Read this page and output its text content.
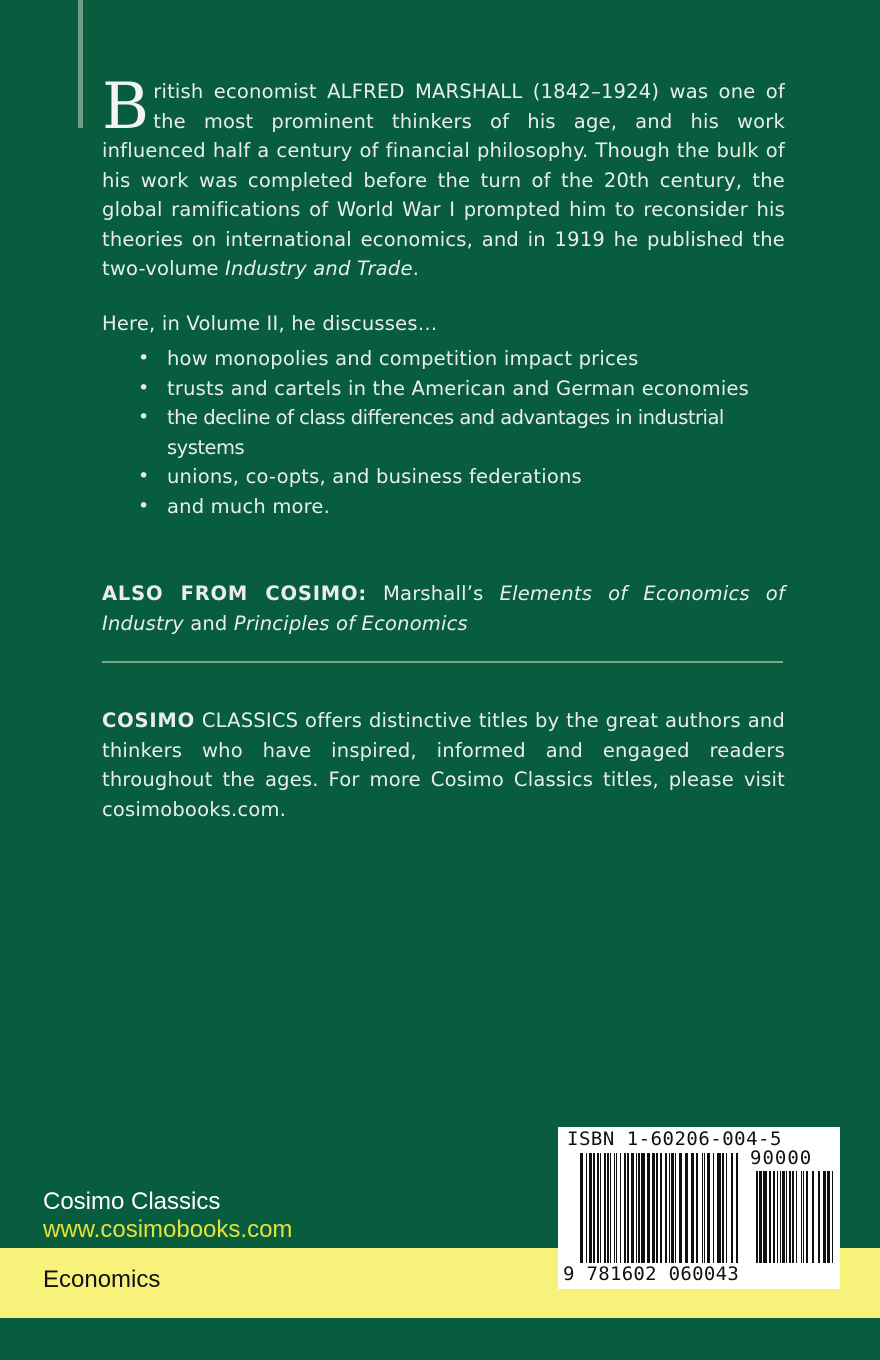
British economist ALFRED MARSHALL (1842–1924) was one of the most prominent thinkers of his age, and his work influenced half a century of financial philosophy. Though the bulk of his work was completed before the turn of the 20th century, the global ramifications of World War I prompted him to reconsider his theories on international economics, and in 1919 he published the two-volume Industry and Trade.

Here, in Volume II, he discusses…
• how monopolies and competition impact prices
• trusts and cartels in the American and German economies
• the decline of class differences and advantages in industrial systems
• unions, co-opts, and business federations
• and much more.

ALSO FROM COSIMO: Marshall’s Elements of Economics of Industry and Principles of Economics

COSIMO CLASSICS offers distinctive titles by the great authors and thinkers who have inspired, informed and engaged readers throughout the ages. For more Cosimo Classics titles, please visit cosimobooks.com.
Cosimo Classics
www.cosimobooks.com
Economics
ISBN 1-60206-004-5
90000
9 781602 060043
